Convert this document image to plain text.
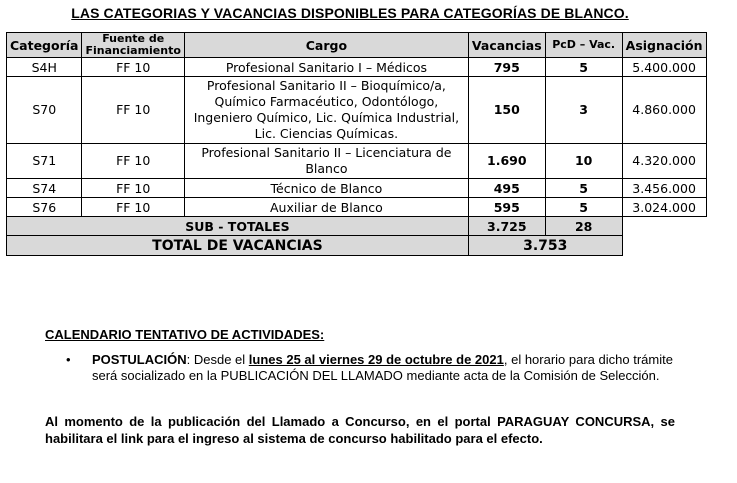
LAS CATEGORIAS Y VACANCIAS DISPONIBLES PARA CATEGORÍAS DE BLANCO.
Categoría	Fuente de Financiamiento	Cargo	Vacancias	PcD – Vac.	Asignación
S4H	FF 10	Profesional Sanitario I – Médicos	795	5	5.400.000
S70	FF 10	Profesional Sanitario II – Bioquímico/a, Químico Farmacéutico, Odontólogo, Ingeniero Químico, Lic. Química Industrial, Lic. Ciencias Químicas.	150	3	4.860.000
S71	FF 10	Profesional Sanitario II – Licenciatura de Blanco	1.690	10	4.320.000
S74	FF 10	Técnico de Blanco	495	5	3.456.000
S76	FF 10	Auxiliar de Blanco	595	5	3.024.000
SUB - TOTALES			3.725	28	
TOTAL DE VACANCIAS			3.753		
CALENDARIO TENTATIVO DE ACTIVIDADES:
• POSTULACIÓN: Desde el lunes 25 al viernes 29 de octubre de 2021, el horario para dicho trámite será socializado en la PUBLICACIÓN DEL LLAMADO mediante acta de la Comisión de Selección.
Al momento de la publicación del Llamado a Concurso, en el portal PARAGUAY CONCURSA, se habilitara el link para el ingreso al sistema de concurso habilitado para el efecto.
